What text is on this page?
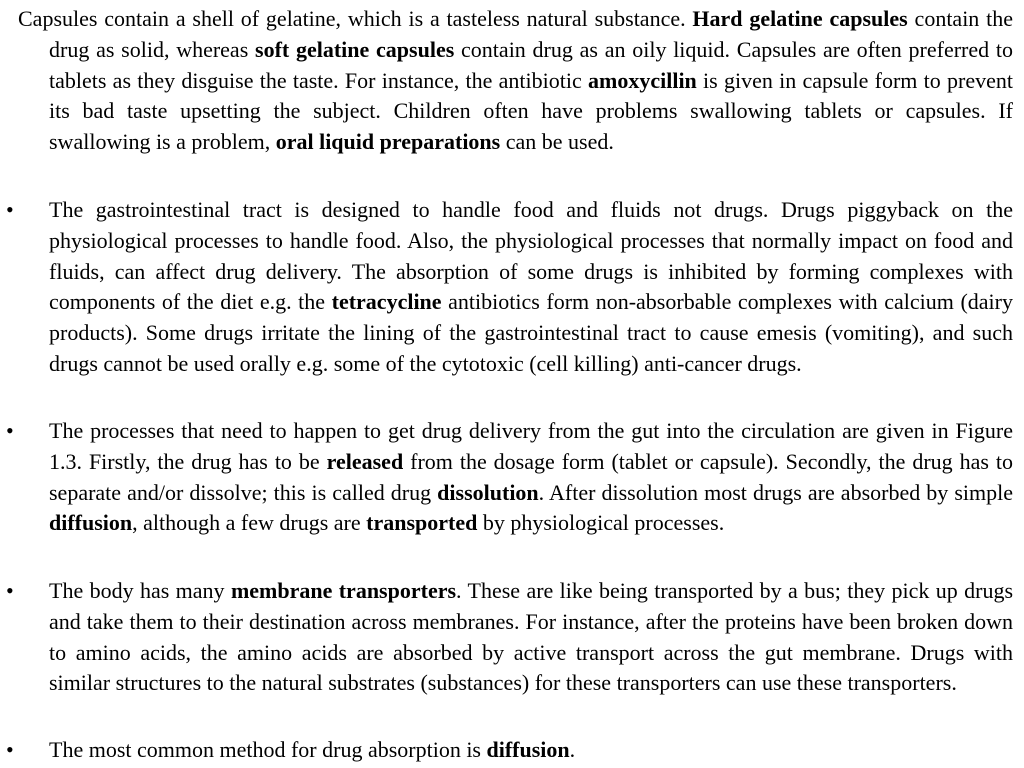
Capsules contain a shell of gelatine, which is a tasteless natural substance. Hard gelatine capsules contain the drug as solid, whereas soft gelatine capsules contain drug as an oily liquid. Capsules are often preferred to tablets as they disguise the taste. For instance, the antibiotic amoxycillin is given in capsule form to prevent its bad taste upsetting the subject. Children often have problems swallowing tablets or capsules. If swallowing is a problem, oral liquid preparations can be used.
• The gastrointestinal tract is designed to handle food and fluids not drugs. Drugs piggyback on the physiological processes to handle food. Also, the physiological processes that normally impact on food and fluids, can affect drug delivery. The absorption of some drugs is inhibited by forming complexes with components of the diet e.g. the tetracycline antibiotics form non-absorbable complexes with calcium (dairy products). Some drugs irritate the lining of the gastrointestinal tract to cause emesis (vomiting), and such drugs cannot be used orally e.g. some of the cytotoxic (cell killing) anti-cancer drugs.
• The processes that need to happen to get drug delivery from the gut into the circulation are given in Figure 1.3. Firstly, the drug has to be released from the dosage form (tablet or capsule). Secondly, the drug has to separate and/or dissolve; this is called drug dissolution. After dissolution most drugs are absorbed by simple diffusion, although a few drugs are transported by physiological processes.
• The body has many membrane transporters. These are like being transported by a bus; they pick up drugs and take them to their destination across membranes. For instance, after the proteins have been broken down to amino acids, the amino acids are absorbed by active transport across the gut membrane. Drugs with similar structures to the natural substrates (substances) for these transporters can use these transporters.
• The most common method for drug absorption is diffusion.
